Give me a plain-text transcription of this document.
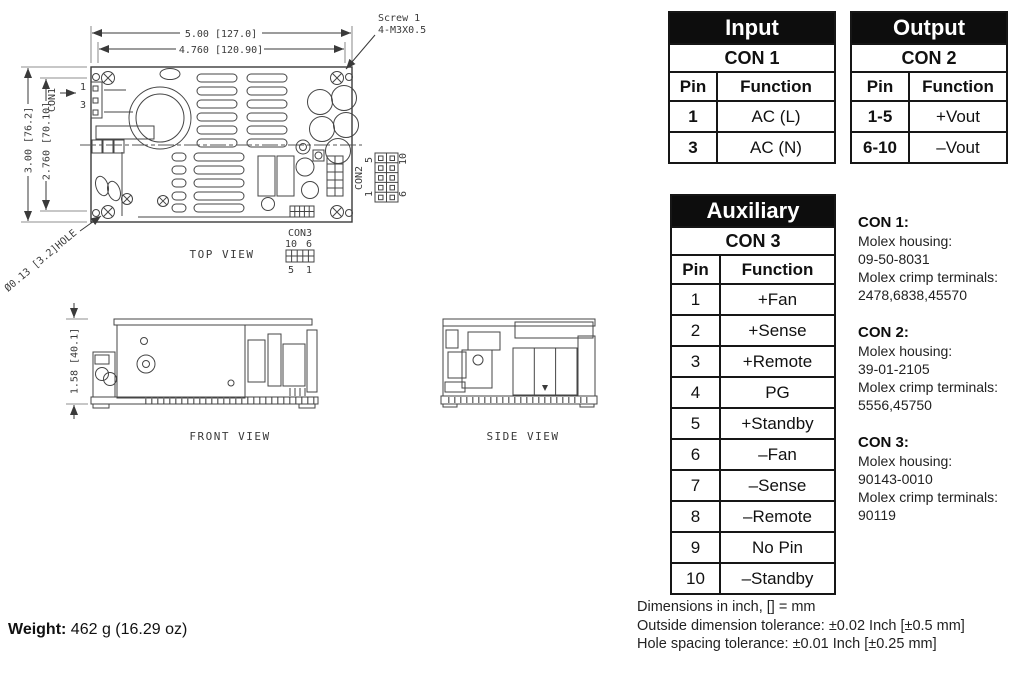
5.00 [127.0]
4.760 [120.90]
3.00 [76.2] 2.760 [70.10]
CON1
1
3
Screw 1
4-M3X0.5
Ø0.13 [3.2]HOLE
CON2
5 10
1 6
CON3
10 6
5 1
TOP VIEW
1.58 [40.1]
FRONT VIEW	SIDE VIEW
Input	
CON 1	
Pin	Function
1	AC (L)
3	AC (N)
Output	
CON 2	
Pin	Function
1-5	+Vout
6-10	–Vout
Auxiliary	
CON 3	
Pin	Function
1	+Fan
2	+Sense
3	+Remote
4	PG
5	+Standby
6	–Fan
7	–Sense
8	–Remote
9	No Pin
10	–Standby
CON 1:
Molex housing:
09-50-8031
Molex crimp terminals:
2478,6838,45570
CON 2:
Molex housing:
39-01-2105
Molex crimp terminals:
5556,45750
CON 3:
Molex housing:
90143-0010
Molex crimp terminals:
90119
Dimensions in inch, [] = mm
Outside dimension tolerance: ±0.02 Inch [±0.5 mm]
Hole spacing tolerance: ±0.01 Inch [±0.25 mm]
Weight: 462 g (16.29 oz)
